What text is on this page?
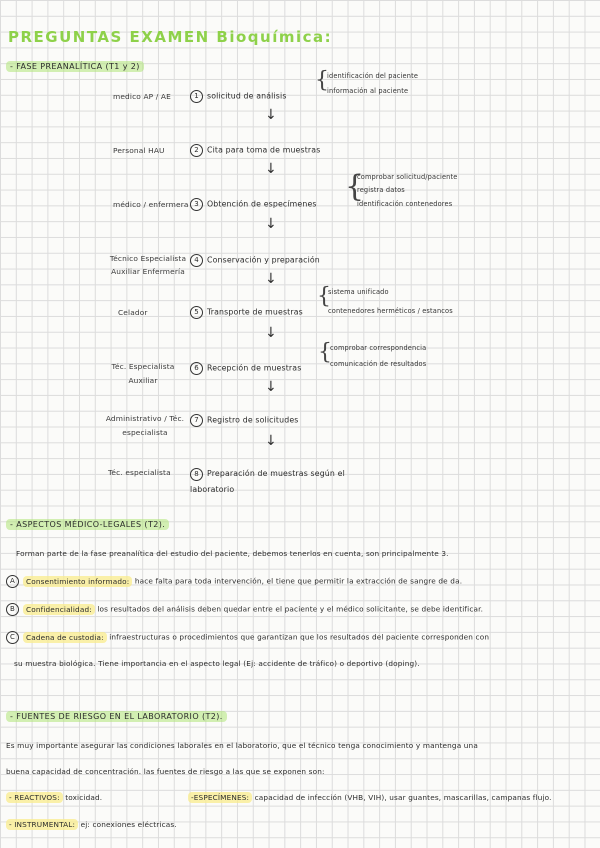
PREGUNTAS EXAMEN Bioquímica:
- FASE PREANALÍTICA (T1 y 2)
medico AP / AE	1 solicitud de análisis
{
identificación del paciente
información al paciente
↓
Personal HAU	2 Cita para toma de muestras
↓
médico / enfermera 3 Obtención de especímenes {
comprobar solicitud/paciente
registra datos
identificación contenedores
↓
Técnico Especialista Auxiliar Enfermería
4 Conservación y preparación
↓
Celador	5 Transporte de muestras
{
sistema unificado
contenedores herméticos / estancos
↓
Téc. Especialista Auxiliar
6 Recepción de muestras
{
comprobar correspondencia
comunicación de resultados
↓
Administrativo / Téc. especialista
7 Registro de solicitudes
↓
Téc. especialista	8 Preparación de muestras según el laboratorio
- ASPECTOS MÉDICO-LEGALES (T2).
Forman parte de la fase preanalítica del estudio del paciente, debemos tenerlos en cuenta, son principalmente 3.
A Consentimiento informado: hace falta para toda intervención, el tiene que permitir la extracción de sangre de da.
B Confidencialidad: los resultados del análisis deben quedar entre el paciente y el médico solicitante, se debe identificar.
C Cadena de custodia: infraestructuras o procedimientos que garantizan que los resultados del paciente corresponden con
su muestra biológica. Tiene importancia en el aspecto legal (Ej: accidente de tráfico) o deportivo (doping).
- FUENTES DE RIESGO EN EL LABORATORIO (T2).
Es muy importante asegurar las condiciones laborales en el laboratorio, que el técnico tenga conocimiento y mantenga una
buena capacidad de concentración. las fuentes de riesgo a las que se exponen son:
- REACTIVOS: toxicidad.	-ESPECÍMENES: capacidad de infección (VHB, VIH), usar guantes, mascarillas, campanas flujo.
- INSTRUMENTAL: ej: conexiones eléctricas.
